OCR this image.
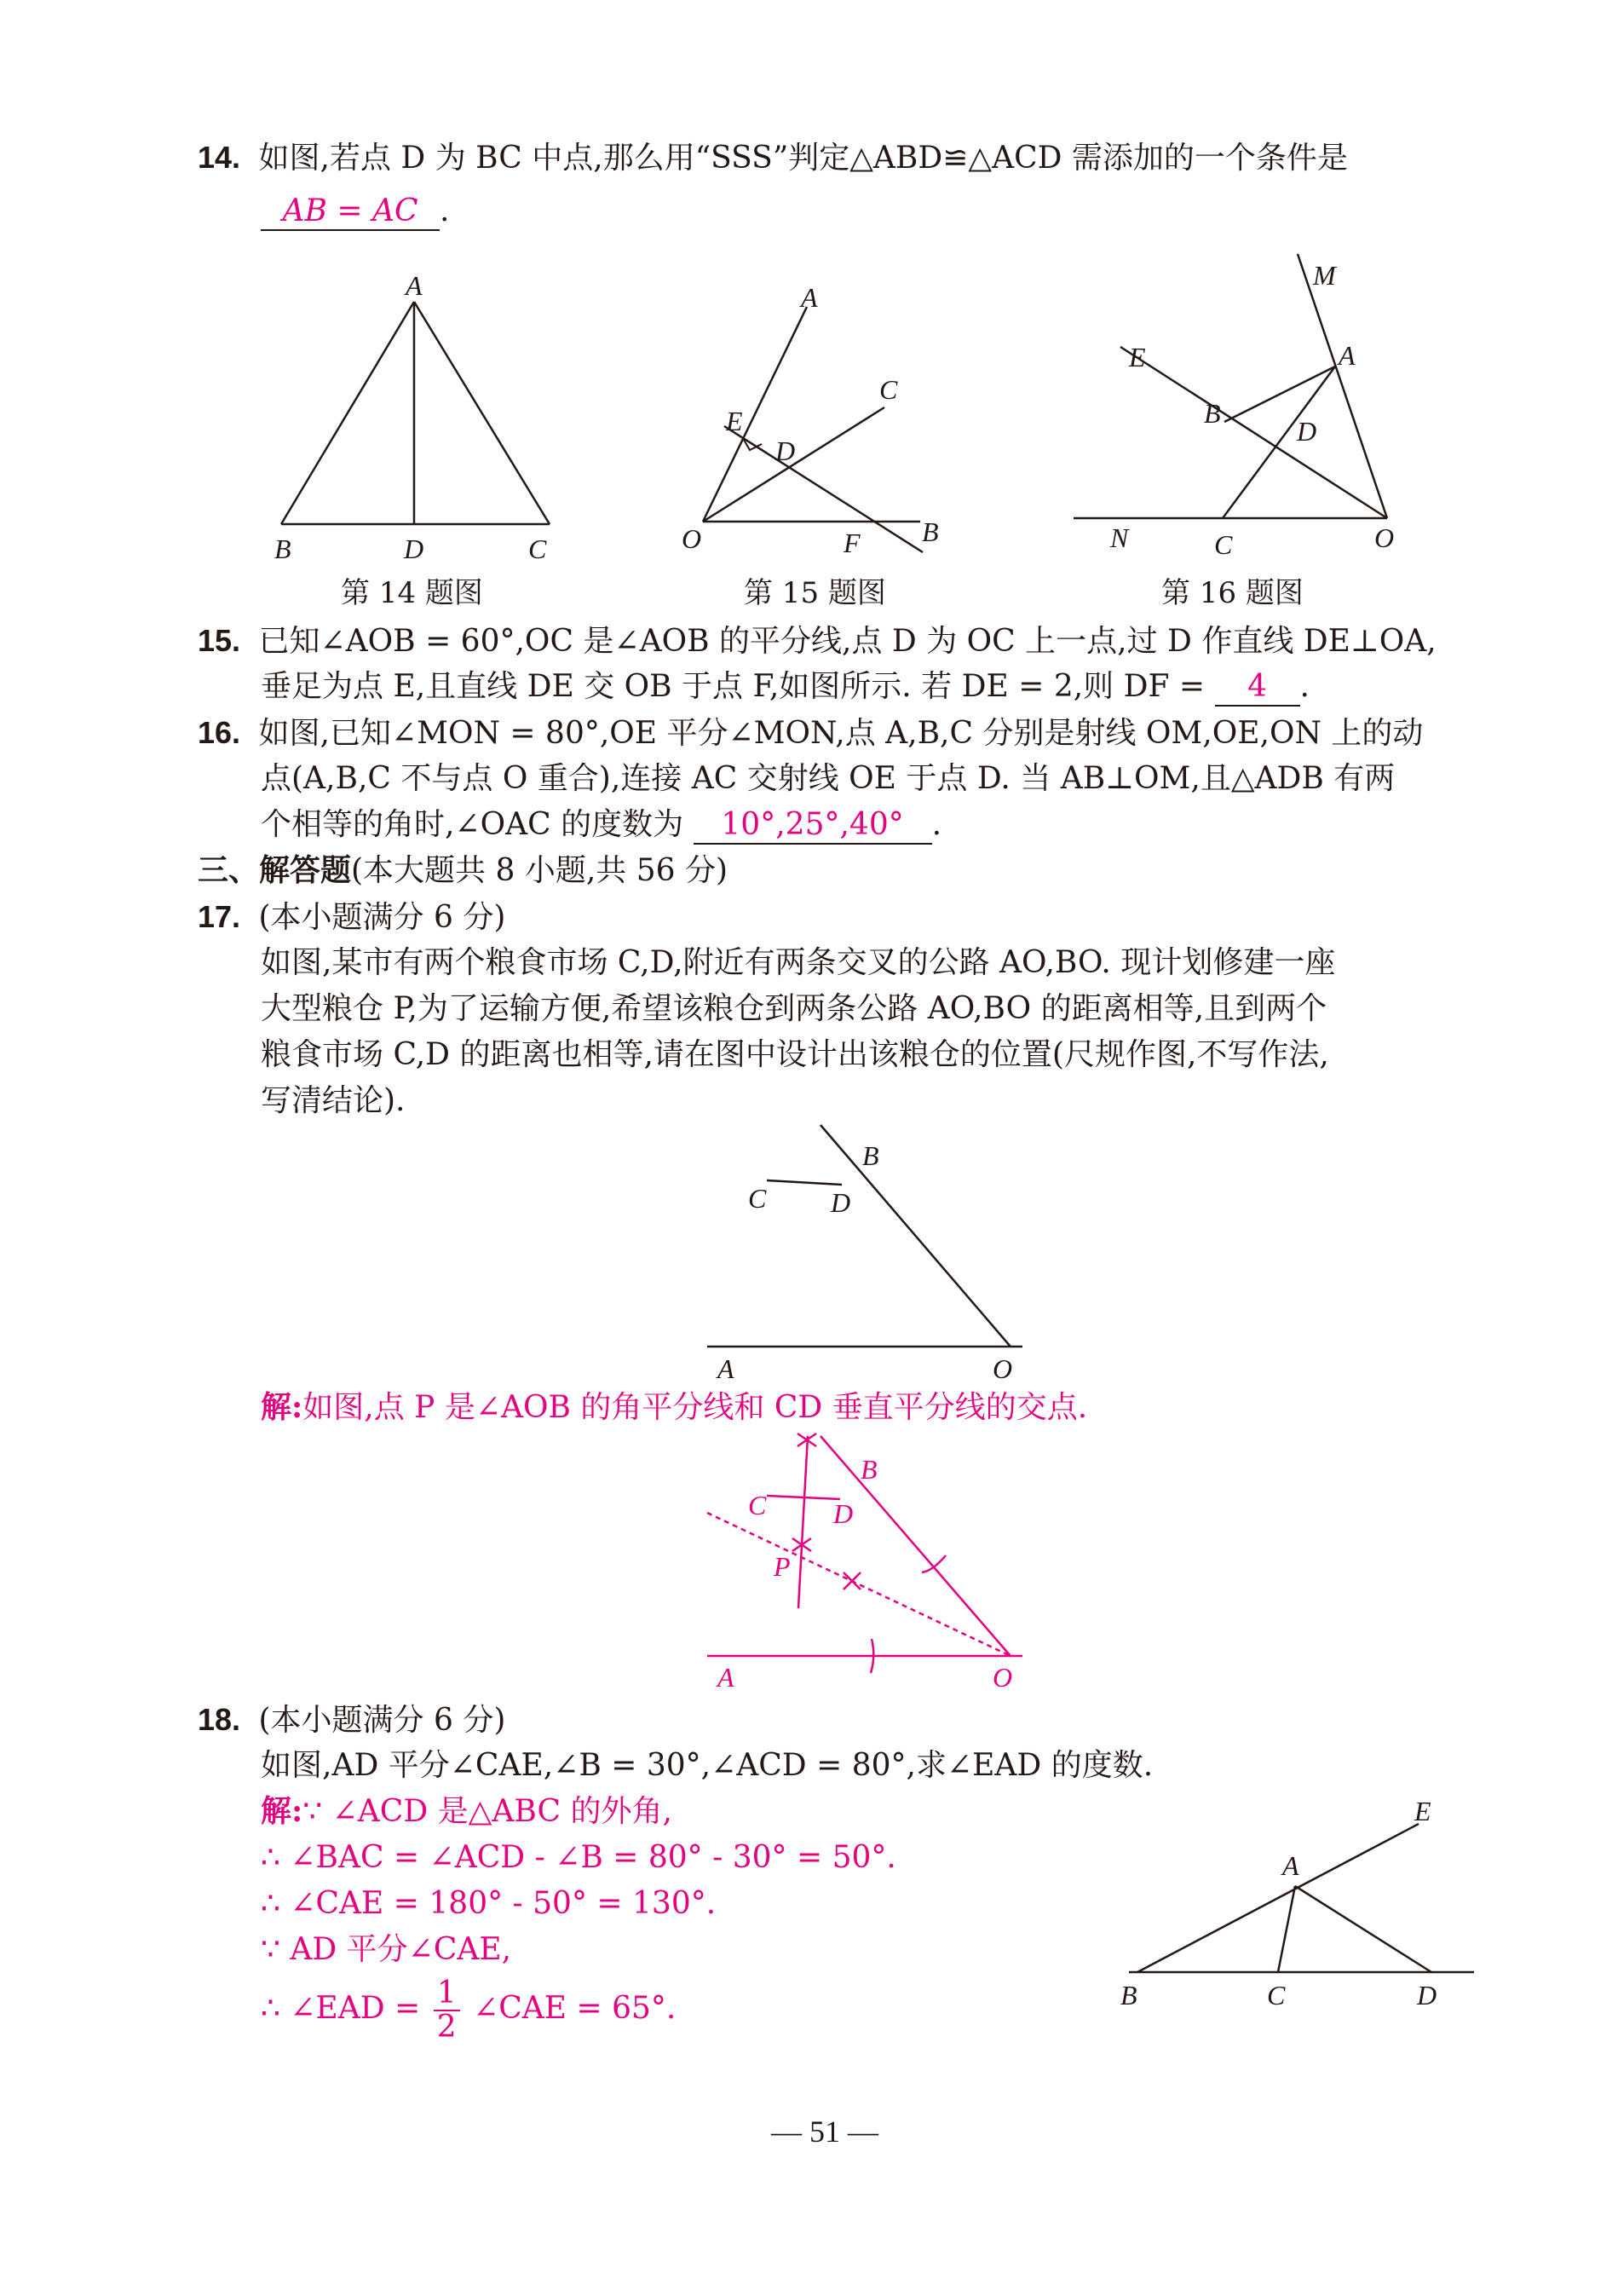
14. 如图,若点 D 为 BC 中点,那么用“SSS”判定△ABD≌△ACD 需添加的一个条件是
AB = AC .
A
B	D	C
第 14 题图
A
C
E
D
O	F B
第 15 题图
M
E	A
B
D
N	C	O
第 16 题图
15. 已知∠AOB = 60°,OC 是∠AOB 的平分线,点 D 为 OC 上一点,过 D 作直线 DE⊥OA,
垂足为点 E,且直线 DE 交 OB 于点 F,如图所示. 若 DE = 2,则 DF = 4 .
16. 如图,已知∠MON = 80°,OE 平分∠MON,点 A,B,C 分别是射线 OM,OE,ON 上的动
点(A,B,C 不与点 O 重合),连接 AC 交射线 OE 于点 D. 当 AB⊥OM,且△ADB 有两
个相等的角时,∠OAC 的度数为 10°,25°,40° .
三、解答题(本大题共 8 小题,共 56 分)
17. (本小题满分 6 分)
如图,某市有两个粮食市场 C,D,附近有两条交叉的公路 AO,BO. 现计划修建一座
大型粮仓 P,为了运输方便,希望该粮仓到两条公路 AO,BO 的距离相等,且到两个
粮食市场 C,D 的距离也相等,请在图中设计出该粮仓的位置(尺规作图,不写作法,
写清结论).
B
C D
A	O
解:如图,点 P 是∠AOB 的角平分线和 CD 垂直平分线的交点.
B
C D
P
A	O
18. (本小题满分 6 分)
如图,AD 平分∠CAE,∠B = 30°,∠ACD = 80°,求∠EAD 的度数.
解:∵ ∠ACD 是△ABC 的外角,
∴ ∠BAC = ∠ACD - ∠B = 80° - 30° = 50°.
∴ ∠CAE = 180° - 50° = 130°.
∵ AD 平分∠CAE,
∴ ∠EAD = $\frac{1}{2}$ ∠CAE = 65°.
E
A
B	C	D
— 51 —
